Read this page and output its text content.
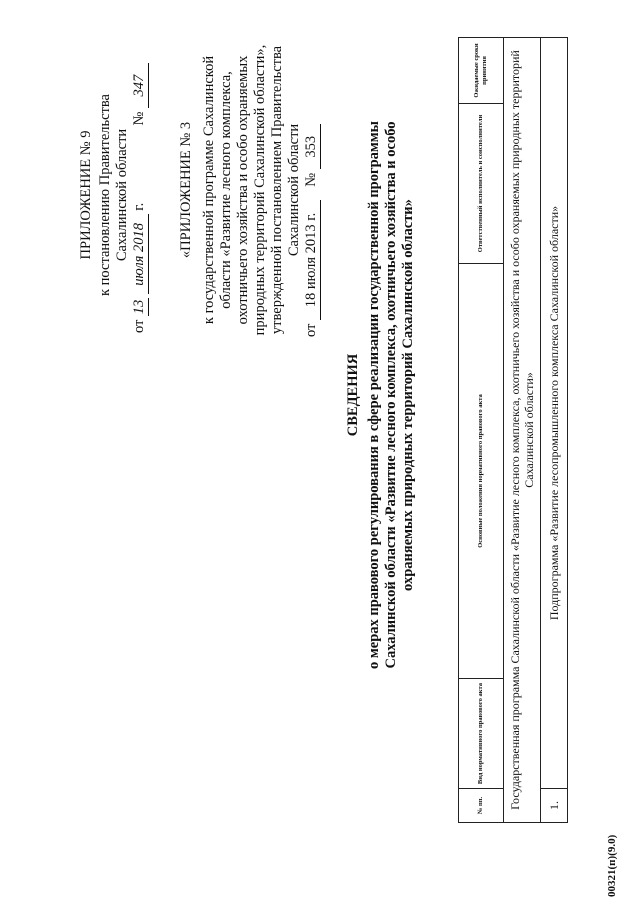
ПРИЛОЖЕНИЕ № 9 к постановлению Правительства Сахалинской области
от 13 июля 2018 г.  № 347
«ПРИЛОЖЕНИЕ № 3 к государственной программе Сахалинской области «Развитие лесного комплекса, охотничьего хозяйства и особо охраняемых природных территорий Сахалинской области», утвержденной постановлением Правительства Сахалинской области
от 18 июля 2013 г.  № 353
СВЕДЕНИЯ о мерах правового регулирования в сфере реализации государственной программы Сахалинской области «Развитие лесного комплекса, охотничьего хозяйства и особо охраняемых природных территорий Сахалинской области»
№ пп.	Вид нормативного правового акта	Основные положения нормативного правового акта	Ответственный исполнитель и соисполнители	Ожидаемые сроки принятия
Государственная программа Сахалинской области «Развитие лесного комплекса, охотничьего хозяйства и особо охраняемых природных территорий Сахалинской области»				
1.	Подпрограмма «Развитие лесопромышленного комплекса Сахалинской области»			
00321(п)(9.0)
